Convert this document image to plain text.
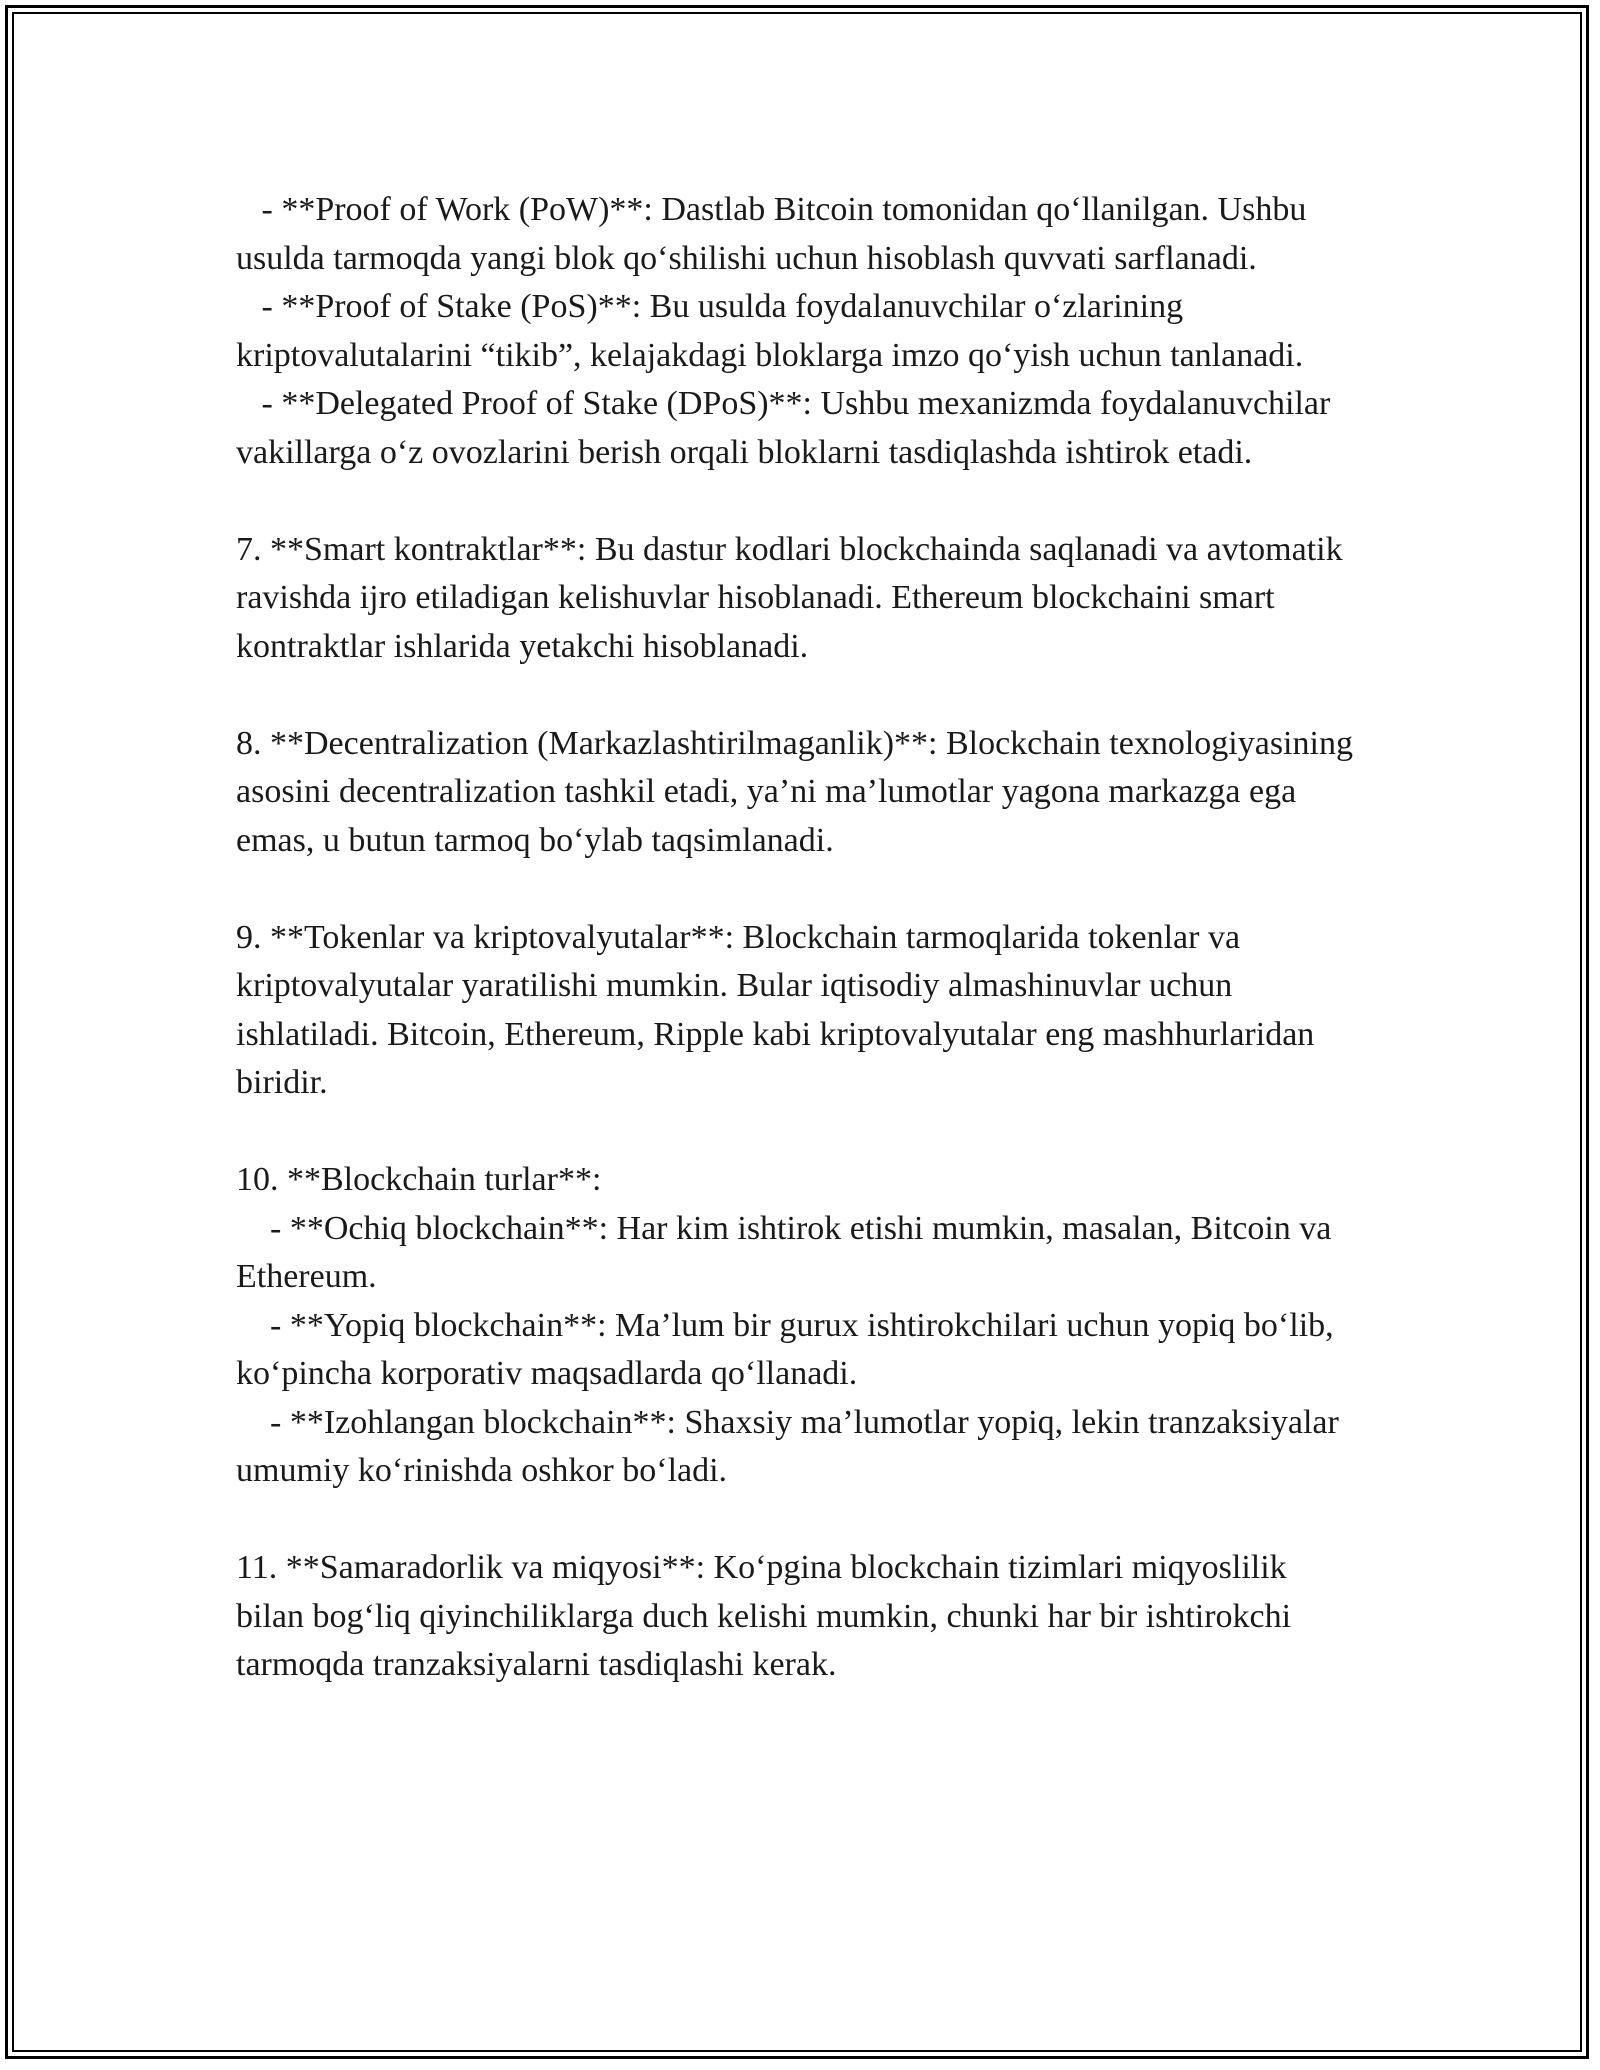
- **Proof of Work (PoW)**: Dastlab Bitcoin tomonidan qo‘llanilgan. Ushbu usulda tarmoqda yangi blok qo‘shilishi uchun hisoblash quvvati sarflanadi.

- **Proof of Stake (PoS)**: Bu usulda foydalanuvchilar o‘zlarining kriptovalutalarini “tikib”, kelajakdagi bloklarga imzo qo‘yish uchun tanlanadi.

- **Delegated Proof of Stake (DPoS)**: Ushbu mexanizmda foydalanuvchilar vakillarga o‘z ovozlarini berish orqali bloklarni tasdiqlashda ishtirok etadi.

7. **Smart kontraktlar**: Bu dastur kodlari blockchainda saqlanadi va avtomatik ravishda ijro etiladigan kelishuvlar hisoblanadi. Ethereum blockchaini smart kontraktlar ishlarida yetakchi hisoblanadi.

8. **Decentralization (Markazlashtirilmaganlik)**: Blockchain texnologiyasining asosini decentralization tashkil etadi, ya’ni ma’lumotlar yagona markazga ega emas, u butun tarmoq bo‘ylab taqsimlanadi.

9. **Tokenlar va kriptovalyutalar**: Blockchain tarmoqlarida tokenlar va kriptovalyutalar yaratilishi mumkin. Bular iqtisodiy almashinuvlar uchun ishlatiladi. Bitcoin, Ethereum, Ripple kabi kriptovalyutalar eng mashhurlaridan biridir.

10. **Blockchain turlar**:

- **Ochiq blockchain**: Har kim ishtirok etishi mumkin, masalan, Bitcoin va Ethereum.

- **Yopiq blockchain**: Ma’lum bir gurux ishtirokchilari uchun yopiq bo‘lib, ko‘pincha korporativ maqsadlarda qo‘llanadi.

- **Izohlangan blockchain**: Shaxsiy ma’lumotlar yopiq, lekin tranzaksiyalar umumiy ko‘rinishda oshkor bo‘ladi.

11. **Samaradorlik va miqyosi**: Ko‘pgina blockchain tizimlari miqyoslilik bilan bog‘liq qiyinchiliklarga duch kelishi mumkin, chunki har bir ishtirokchi tarmoqda tranzaksiyalarni tasdiqlashi kerak.
